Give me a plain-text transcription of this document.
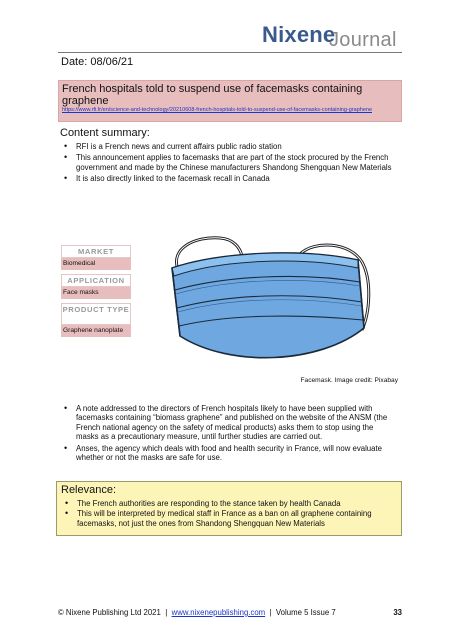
Nixene
Journal
Date: 08/06/21
French hospitals told to suspend use of facemasks containing graphene
https://www.rfi.fr/en/science-and-technology/20210608-french-hospitals-told-to-suspend-use-of-facemasks-containing-graphene
Content summary:
• RFI is a French news and current affairs public radio station
• This announcement applies to facemasks that are part of the stock procured by the French government and made by the Chinese manufacturers Shandong Shengquan New Materials
• It is also directly linked to the facemask recall in Canada
MARKET
Biomedical
APPLICATION
Face masks
PRODUCT TYPE
Graphene nanoplate
Facemask. Image credit: Pixabay
• A note addressed to the directors of French hospitals likely to have been supplied with facemasks containing “biomass graphene” and published on the website of the ANSM (the French national agency on the safety of medical products) asks them to stop using the masks as a precautionary measure, until further studies are carried out.
• Anses, the agency which deals with food and health security in France, will now evaluate whether or not the masks are safe for use.
Relevance:
• The French authorities are responding to the stance taken by health Canada
• This will be interpreted by medical staff in France as a ban on all graphene containing facemasks, not just the ones from Shandong Shengquan New Materials
© Nixene Publishing Ltd 2021 | www.nixenepublishing.com | Volume 5 Issue 7	33
